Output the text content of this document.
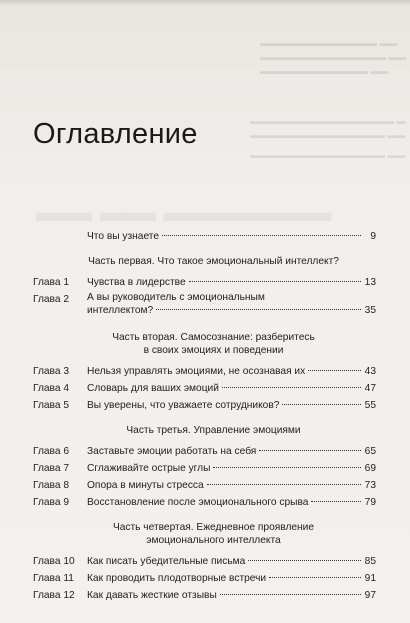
▬▬▬▬▬▬▬▬▬▬▬▬▬ ▬▬
▬▬▬▬▬▬▬▬▬▬▬▬▬▬ ▬▬
▬▬▬▬▬▬▬▬▬▬▬▬ ▬▬
▬▬▬▬▬▬▬▬▬▬▬▬▬▬▬▬ ▬
▬▬▬▬▬▬▬▬▬▬▬▬▬▬▬ ▬▬
▬▬▬▬▬▬▬▬▬▬▬▬▬▬▬ ▬▬
▬▬ ▬▬ ▬▬▬▬▬▬
Оглавление
Что вы узнаете	9
Часть первая. Что такое эмоциональный интеллект?
Глава 1	Чувства в лидерстве	13
Глава 2	А вы руководитель с эмоциональным
интеллектом?	35
Часть вторая. Самосознание: разберитесь
в своих эмоциях и поведении
Глава 3	Нельзя управлять эмоциями, не осознавая их	43
Глава 4	Словарь для ваших эмоций	47
Глава 5	Вы уверены, что уважаете сотрудников?	55
Часть третья. Управление эмоциями
Глава 6	Заставьте эмоции работать на себя	65
Глава 7	Сглаживайте острые углы	69
Глава 8	Опора в минуты стресса	73
Глава 9	Восстановление после эмоционального срыва	79
Часть четвертая. Ежедневное проявление
эмоционального интеллекта
Глава 10	Как писать убедительные письма	85
Глава 11	Как проводить плодотворные встречи	91
Глава 12	Как давать жесткие отзывы	97
